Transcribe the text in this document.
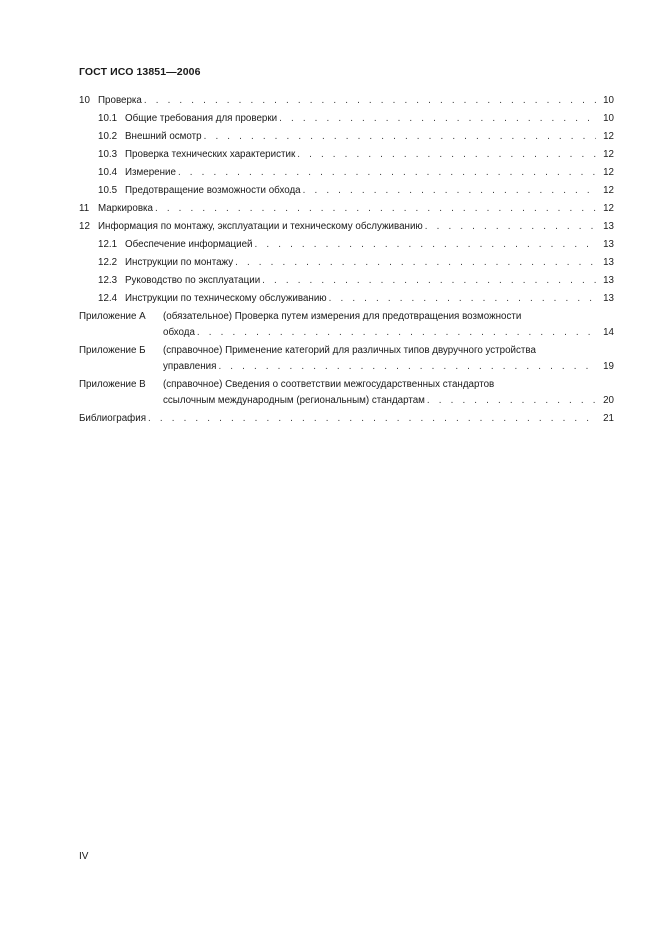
ГОСТ ИСО 13851—2006
10 Проверка . . .	10
10.1 Общие требования для проверки . . .	10
10.2 Внешний осмотр . . .	12
10.3 Проверка технических характеристик . . .	12
10.4 Измерение . . .	12
10.5 Предотвращение возможности обхода . . .	12
11 Маркировка . . .	12
12 Информация по монтажу, эксплуатации и техническому обслуживанию . . .	13
12.1 Обеспечение информацией . . .	13
12.2 Инструкции по монтажу . . .	13
12.3 Руководство по эксплуатации . . .	13
12.4 Инструкции по техническому обслуживанию . . .	13
Приложение А	(обязательное) Проверка путем измерения для предотвращения возможности
обхода . . .	14
Приложение Б	(справочное) Применение категорий для различных типов двуручного устройства
управления . . .	19
Приложение В	(справочное) Сведения о соответствии межгосударственных стандартов
ссылочным международным (региональным) стандартам . . .	20
Библиография . . .	21
IV
